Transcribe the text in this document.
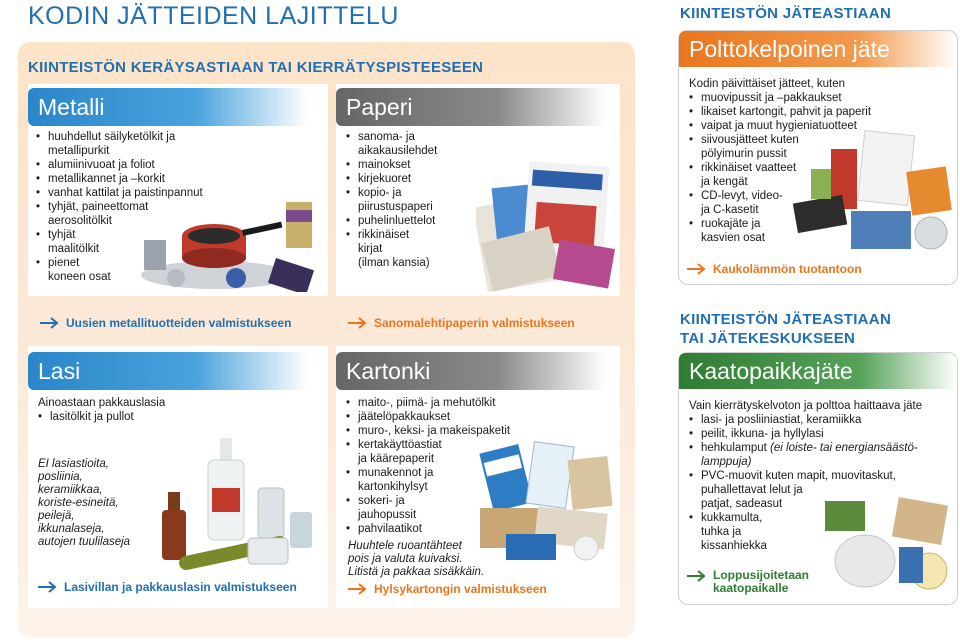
KODIN JÄTTEIDEN LAJITTELU
KIINTEISTÖN KERÄYSASTIAAN TAI KIERRÄTYSPISTEESEEN
KIINTEISTÖN JÄTEASTIAAN
KIINTEISTÖN JÄTEASTIAAN
TAI JÄTEKESKUKSEEN
Metalli
• huuhdellut säilyketölkit ja metallipurkit
• alumiinivuoat ja foliot
• metallikannet ja –korkit
• vanhat kattilat ja paistinpannut
• tyhjät, paineettomat
aerosolitölkit
• tyhjät
maalitölkit
• pienet
koneen osat
Uusien metallituotteiden valmistukseen
Paperi
• sanoma- ja aikakausilehdet
• mainokset
• kirjekuoret
• kopio- ja
piirustuspaperi
• puhelinluettelot
• rikkinäiset
kirjat
(ilman kansia)
Sanomalehtipaperin valmistukseen
Lasi
Ainoastaan pakkauslasia
• lasitölkit ja pullot
EI lasiastioita,
posliinia,
keramiikkaa,
koriste-esineitä,
peilejä,
ikkunalaseja,
autojen tuulilaseja
Lasivillan ja pakkauslasin valmistukseen
Kartonki
• maito-, piimä- ja mehutölkit
• jäätelöpakkaukset
• muro-, keksi- ja makeispaketit
• kertakäyttöastiat
ja käärepaperit
• munakennot ja
kartonkihylsyt
• sokeri- ja
jauhopussit
• pahvilaatikot
Huuhtele ruoantähteet
pois ja valuta kuivaksi.
Litistä ja pakkaa sisäkkäin.
Hylsykartongin valmistukseen
Polttokelpoinen jäte
Kodin päivittäiset jätteet, kuten
• muovipussit ja –pakkaukset
• likaiset kartongit, pahvit ja paperit
• vaipat ja muut hygieniatuotteet
• siivousjätteet kuten
pölyimurin pussit
• rikkinäiset vaatteet
ja kengät
• CD-levyt, video-
ja C-kasetit
• ruokajäte ja
kasvien osat
Kaukolämmön tuotantoon
Kaatopaikkajäte
Vain kierrätyskelvoton ja polttoa haittaava jäte
• lasi- ja posliiniastiat, keramiikka
• peilit, ikkuna- ja hyllylasi
• hehkulamput (ei loiste- tai energiansäästö-
lamppuja)
• PVC-muovit kuten mapit, muovitaskut,
puhallettavat lelut ja
patjat, sadeasut
• kukkamulta,
tuhka ja
kissanhiekka
Loppusijoitetaan
kaatopaikalle
